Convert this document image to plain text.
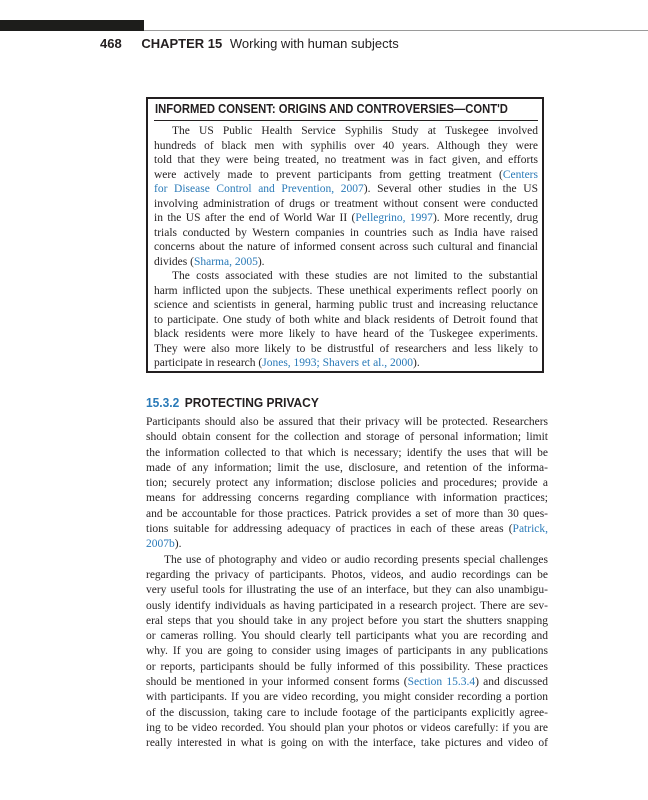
468 CHAPTER 15 Working with human subjects
INFORMED CONSENT: ORIGINS AND CONTROVERSIES—CONT'D
The US Public Health Service Syphilis Study at Tuskegee involved
hundreds of black men with syphilis over 40 years. Although they were
told that they were being treated, no treatment was in fact given, and efforts
were actively made to prevent participants from getting treatment (Centers
for Disease Control and Prevention, 2007). Several other studies in the US
involving administration of drugs or treatment without consent were conducted
in the US after the end of World War II (Pellegrino, 1997). More recently, drug
trials conducted by Western companies in countries such as India have raised
concerns about the nature of informed consent across such cultural and financial
divides (Sharma, 2005).
The costs associated with these studies are not limited to the substantial
harm inflicted upon the subjects. These unethical experiments reflect poorly on
science and scientists in general, harming public trust and increasing reluctance
to participate. One study of both white and black residents of Detroit found that
black residents were more likely to have heard of the Tuskegee experiments.
They were also more likely to be distrustful of researchers and less likely to
participate in research (Jones, 1993; Shavers et al., 2000).
15.3.2 PROTECTING PRIVACY
Participants should also be assured that their privacy will be protected. Researchers
should obtain consent for the collection and storage of personal information; limit
the information collected to that which is necessary; identify the uses that will be
made of any information; limit the use, disclosure, and retention of the informa-
tion; securely protect any information; disclose policies and procedures; provide a
means for addressing concerns regarding compliance with information practices;
and be accountable for those practices. Patrick provides a set of more than 30 ques-
tions suitable for addressing adequacy of practices in each of these areas (Patrick,
2007b).
The use of photography and video or audio recording presents special challenges
regarding the privacy of participants. Photos, videos, and audio recordings can be
very useful tools for illustrating the use of an interface, but they can also unambigu-
ously identify individuals as having participated in a research project. There are sev-
eral steps that you should take in any project before you start the shutters snapping
or cameras rolling. You should clearly tell participants what you are recording and
why. If you are going to consider using images of participants in any publications
or reports, participants should be fully informed of this possibility. These practices
should be mentioned in your informed consent forms (Section 15.3.4) and discussed
with participants. If you are video recording, you might consider recording a portion
of the discussion, taking care to include footage of the participants explicitly agree-
ing to be video recorded. You should plan your photos or videos carefully: if you are
really interested in what is going on with the interface, take pictures and video of
